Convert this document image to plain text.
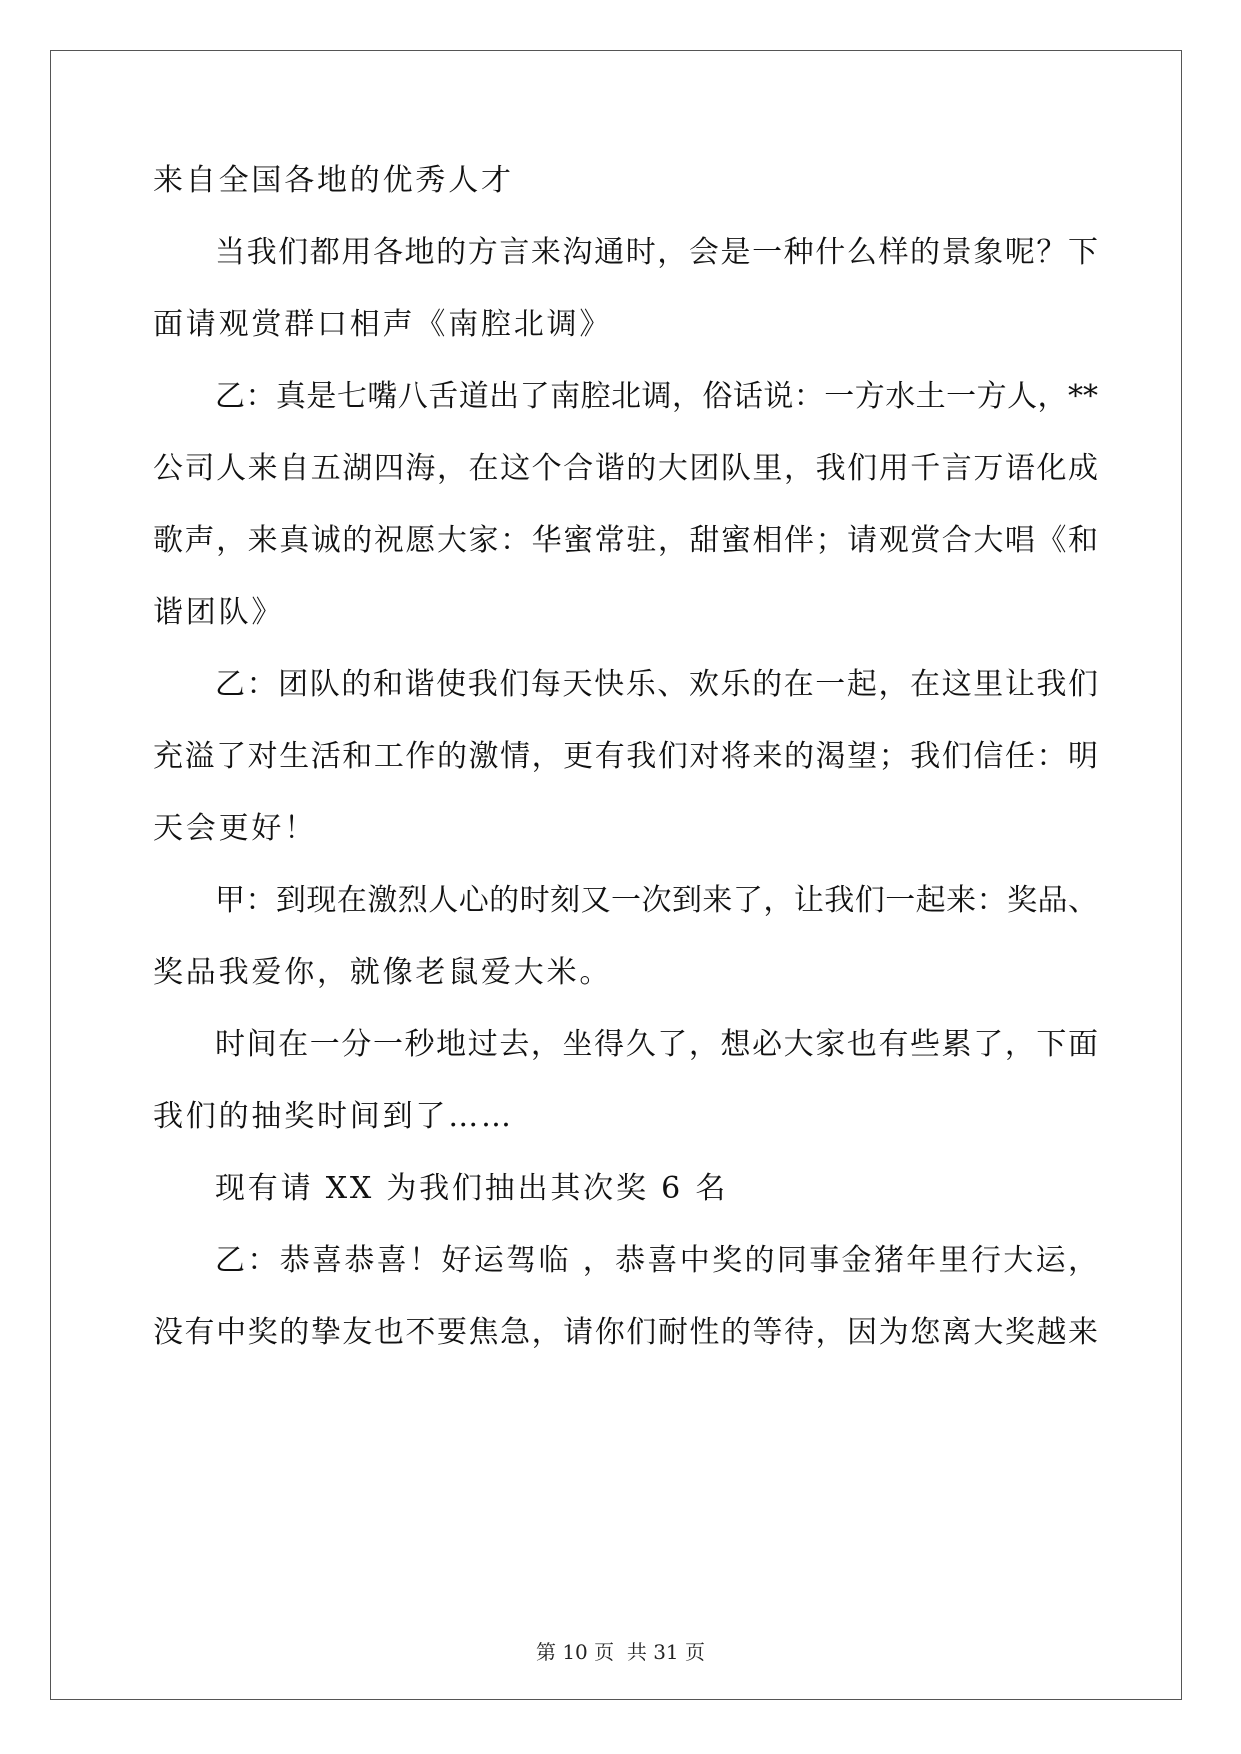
来自全国各地的优秀人才
当我们都用各地的方言来沟通时，会是一种什么样的景象呢？下
面请观赏群口相声《南腔北调》
乙：真是七嘴八舌道出了南腔北调，俗话说：一方水土一方人，**
公司人来自五湖四海，在这个合谐的大团队里，我们用千言万语化成
歌声，来真诚的祝愿大家：华蜜常驻，甜蜜相伴；请观赏合大唱《和
谐团队》
乙：团队的和谐使我们每天快乐、欢乐的在一起，在这里让我们
充溢了对生活和工作的激情，更有我们对将来的渴望；我们信任：明
天会更好！
甲：到现在激烈人心的时刻又一次到来了，让我们一起来：奖品、
奖品我爱你，就像老鼠爱大米。
时间在一分一秒地过去，坐得久了，想必大家也有些累了，下面
我们的抽奖时间到了……
现有请 XX 为我们抽出其次奖 6 名
乙：恭喜恭喜！好运驾临 ，恭喜中奖的同事金猪年里行大运，
没有中奖的挚友也不要焦急，请你们耐性的等待，因为您离大奖越来
第 10 页  共 31 页
